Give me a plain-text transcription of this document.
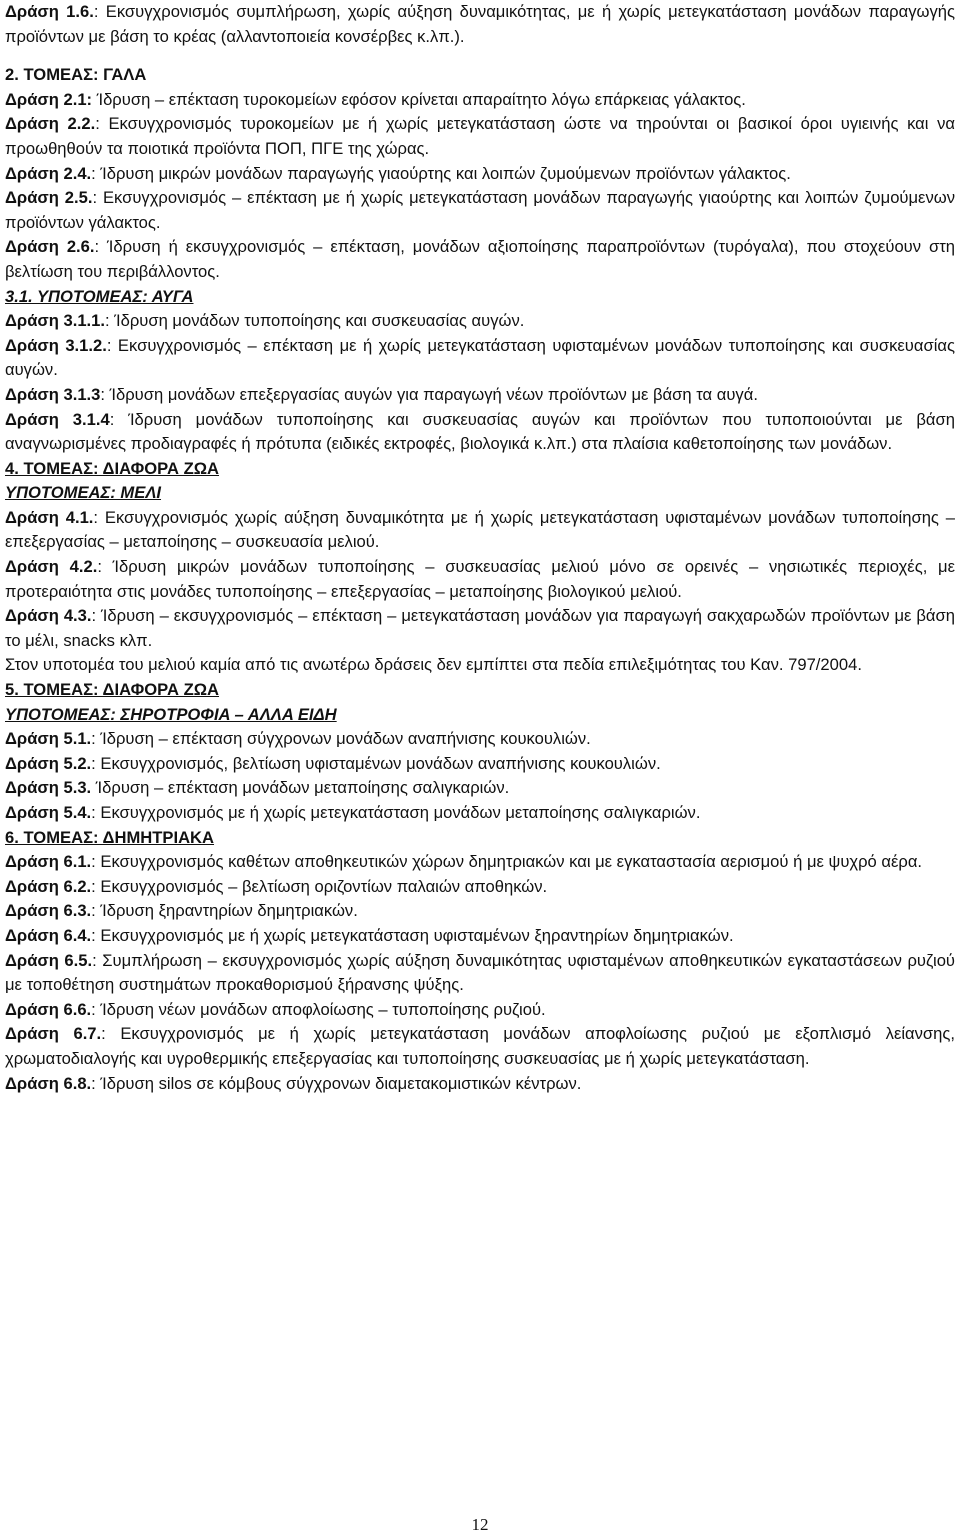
Δράση 1.6.: Εκσυγχρονισμός συμπλήρωση, χωρίς αύξηση δυναμικότητας, με ή χωρίς μετεγκατάσταση μονάδων παραγωγής προϊόντων με βάση το κρέας (αλλαντοποιεία κονσέρβες κ.λπ.).

2. ΤΟΜΕΑΣ: ΓΑΛΑ

Δράση 2.1: Ίδρυση – επέκταση τυροκομείων εφόσον κρίνεται απαραίτητο λόγω επάρκειας γάλακτος.

Δράση 2.2.: Εκσυγχρονισμός τυροκομείων με ή χωρίς μετεγκατάσταση ώστε να τηρούνται οι βασικοί όροι υγιεινής και να προωθηθούν τα ποιοτικά προϊόντα ΠΟΠ, ΠΓΕ της χώρας.

Δράση 2.4.: Ίδρυση μικρών μονάδων παραγωγής γιαούρτης και λοιπών ζυμούμενων προϊόντων γάλακτος.

Δράση 2.5.: Εκσυγχρονισμός – επέκταση με ή χωρίς μετεγκατάσταση μονάδων παραγωγής γιαούρτης και λοιπών ζυμούμενων προϊόντων γάλακτος.

Δράση 2.6.: Ίδρυση ή εκσυγχρονισμός – επέκταση, μονάδων αξιοποίησης παραπροϊόντων (τυρόγαλα), που στοχεύουν στη βελτίωση του περιβάλλοντος.

3.1. ΥΠΟΤΟΜΕΑΣ: ΑΥΓΑ

Δράση 3.1.1.: Ίδρυση μονάδων τυποποίησης και συσκευασίας αυγών.

Δράση 3.1.2.: Εκσυγχρονισμός – επέκταση με ή χωρίς μετεγκατάσταση υφισταμένων μονάδων τυποποίησης και συσκευασίας αυγών.

Δράση 3.1.3: Ίδρυση μονάδων επεξεργασίας αυγών για παραγωγή νέων προϊόντων με βάση τα αυγά.

Δράση 3.1.4: Ίδρυση μονάδων τυποποίησης και συσκευασίας αυγών και προϊόντων που τυποποιούνται με βάση αναγνωρισμένες προδιαγραφές ή πρότυπα (ειδικές εκτροφές, βιολογικά κ.λπ.) στα πλαίσια καθετοποίησης των μονάδων.

4. ΤΟΜΕΑΣ: ΔΙΑΦΟΡΑ ΖΩΑ

ΥΠΟΤΟΜΕΑΣ: ΜΕΛΙ

Δράση 4.1.: Εκσυγχρονισμός χωρίς αύξηση δυναμικότητα με ή χωρίς μετεγκατάσταση υφισταμένων μονάδων τυποποίησης – επεξεργασίας – μεταποίησης – συσκευασία μελιού.

Δράση 4.2.: Ίδρυση μικρών μονάδων τυποποίησης – συσκευασίας μελιού μόνο σε ορεινές – νησιωτικές περιοχές, με προτεραιότητα στις μονάδες τυποποίησης – επεξεργασίας – μεταποίησης βιολογικού μελιού.

Δράση 4.3.: Ίδρυση – εκσυγχρονισμός – επέκταση – μετεγκατάσταση μονάδων για παραγωγή σακχαρωδών προϊόντων με βάση το μέλι, snacks κλπ.

Στον υποτομέα του μελιού καμία από τις ανωτέρω δράσεις δεν εμπίπτει στα πεδία επιλεξιμότητας του Καν. 797/2004.

5. ΤΟΜΕΑΣ: ΔΙΑΦΟΡΑ ΖΩΑ

ΥΠΟΤΟΜΕΑΣ: ΣΗΡΟΤΡΟΦΙΑ – ΑΛΛΑ ΕΙΔΗ

Δράση 5.1.: Ίδρυση – επέκταση σύγχρονων μονάδων αναπήνισης κουκουλιών.

Δράση 5.2.: Εκσυγχρονισμός, βελτίωση υφισταμένων μονάδων αναπήνισης κουκουλιών.

Δράση 5.3. Ίδρυση – επέκταση μονάδων μεταποίησης σαλιγκαριών.

Δράση 5.4.: Εκσυγχρονισμός με ή χωρίς μετεγκατάσταση μονάδων μεταποίησης σαλιγκαριών.

6. ΤΟΜΕΑΣ: ΔΗΜΗΤΡΙΑΚΑ

Δράση 6.1.: Εκσυγχρονισμός καθέτων αποθηκευτικών χώρων δημητριακών και με εγκαταστασία αερισμού ή με ψυχρό αέρα.

Δράση 6.2.: Εκσυγχρονισμός – βελτίωση οριζοντίων παλαιών αποθηκών.

Δράση 6.3.: Ίδρυση ξηραντηρίων δημητριακών.

Δράση 6.4.: Εκσυγχρονισμός με ή χωρίς μετεγκατάσταση υφισταμένων ξηραντηρίων δημητριακών.

Δράση 6.5.: Συμπλήρωση – εκσυγχρονισμός χωρίς αύξηση δυναμικότητας υφισταμένων αποθηκευτικών εγκαταστάσεων ρυζιού με τοποθέτηση συστημάτων προκαθορισμού ξήρανσης ψύξης.

Δράση 6.6.: Ίδρυση νέων μονάδων αποφλοίωσης – τυποποίησης ρυζιού.

Δράση 6.7.: Εκσυγχρονισμός με ή χωρίς μετεγκατάσταση μονάδων αποφλοίωσης ρυζιού με εξοπλισμό λείανσης, χρωματοδιαλογής και υγροθερμικής επεξεργασίας και τυποποίησης συσκευασίας με ή χωρίς μετεγκατάσταση.

Δράση 6.8.: Ίδρυση silos σε κόμβους σύγχρονων διαμετακομιστικών κέντρων.

12
